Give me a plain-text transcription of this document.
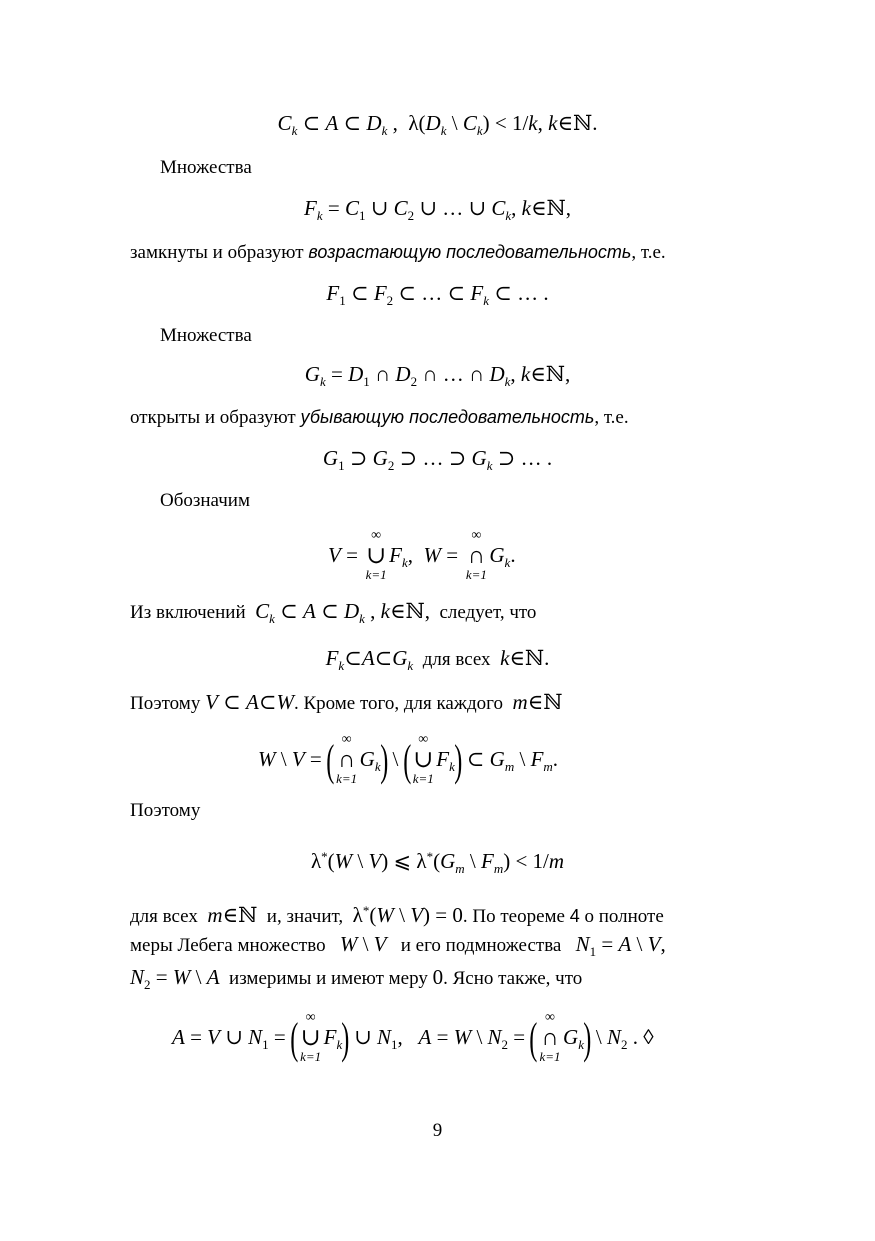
$C_k$ ⊂ A ⊂ $D_k$ ,  $\lambda(D_k$ \ $C_k) < 1/k$, k∈ℕ.
Множества
$F_k = C_1$ ∪ $C_2$ ∪ … ∪ $C_k$, k∈ℕ,
замкнуты и образуют возрастающую последовательность, т.е.
$F_1$ ⊂ $F_2$ ⊂ … ⊂ $F_k$ ⊂ … .
Множества
$G_k = D_1$ ∩ $D_2$ ∩ … ∩ $D_k$, k∈ℕ,
открыты и образуют убывающую последовательность, т.е.
$G_1$ ⊃ $G_2$ ⊃ … ⊃ $G_k$ ⊃ … .
Обозначим
V =
∞
∪
k=1
$F_k$,  W =
∞
∩
k=1
$G_k$.
Из включений $C_k$ ⊂ A ⊂ $D_k$ , k∈ℕ, следует, что
$F_k\subset A\subset G_k$ для всех k∈ℕ.
Поэтому V ⊂ A⊂W. Кроме того, для каждого m∈ℕ
W \ V = ( ∞
∩
k=1
$G_k$) \ ( ∞
∪
k=1
$F_k$) ⊂ $G_m$ \ $F_m$.
Поэтому
λ*(W \ V) ⩽ $\lambda^*(G_m$ \ $F_m) < 1/m$
для всех m∈ℕ и, значит, λ*(W \ V) = 0. По теореме 4 о полноте
меры Лебега множество W \ V и его подмножества $N_1 = A$ \ V,
$N_2 = W$ \ A измеримы и имеют меру 0. Ясно также, что
A = V ∪ $N_1$ = ( ∞
∪
k=1
$F_k$) ∪ $N_1$,   A = W \ $N_2$ = ( ∞
∩
k=1
$G_k$) \ $N_2$ . ◊
9
